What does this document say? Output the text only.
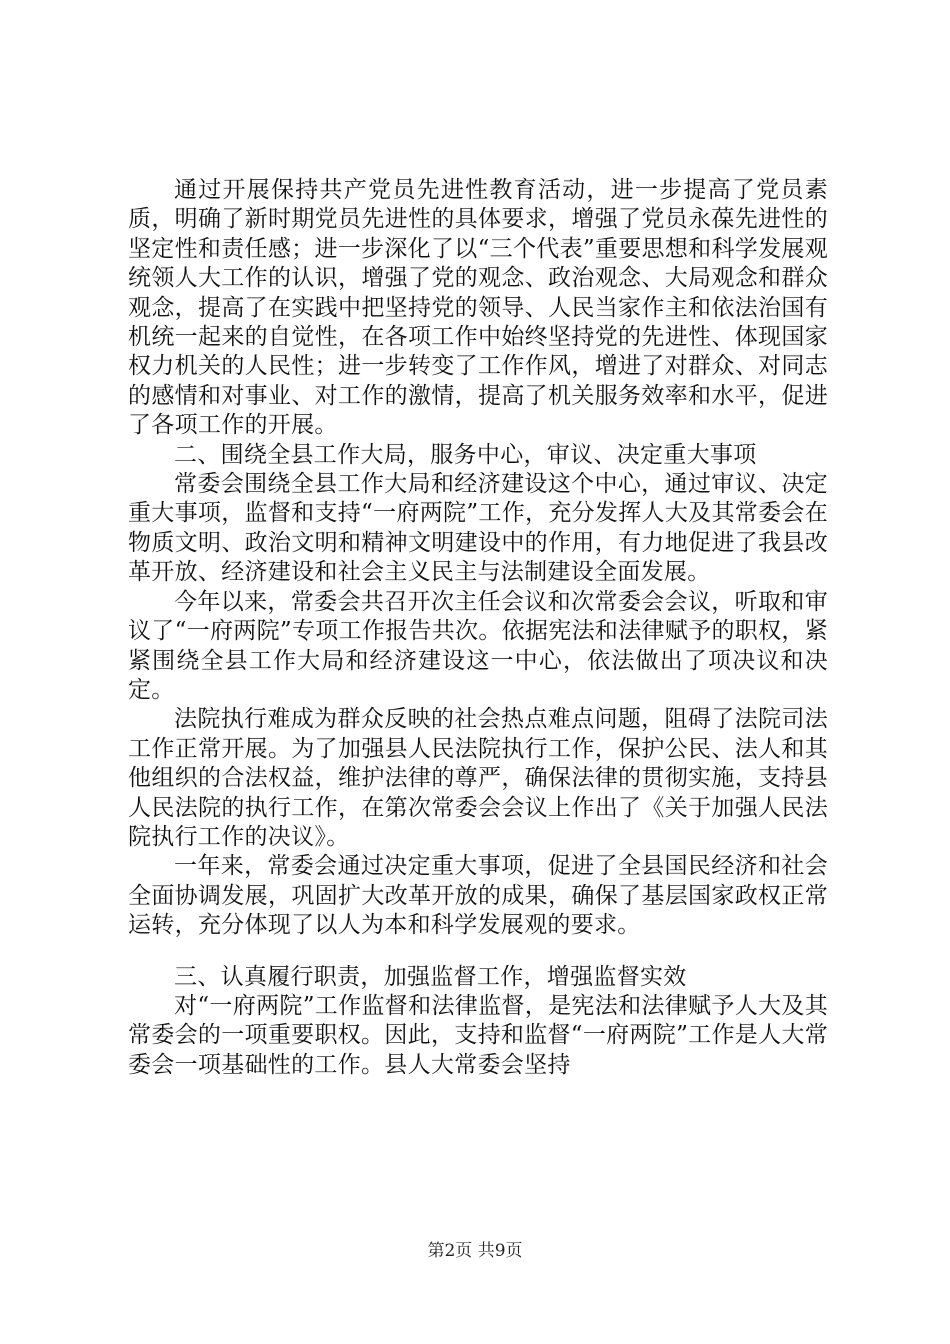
通过开展保持共产党员先进性教育活动，进一步提高了党员素质，明确了新时期党员先进性的具体要求，增强了党员永葆先进性的坚定性和责任感；进一步深化了以“三个代表”重要思想和科学发展观统领人大工作的认识，增强了党的观念、政治观念、大局观念和群众观念，提高了在实践中把坚持党的领导、人民当家作主和依法治国有机统一起来的自觉性，在各项工作中始终坚持党的先进性、体现国家权力机关的人民性；进一步转变了工作作风，增进了对群众、对同志的感情和对事业、对工作的激情，提高了机关服务效率和水平，促进了各项工作的开展。

二、围绕全县工作大局，服务中心，审议、决定重大事项

常委会围绕全县工作大局和经济建设这个中心，通过审议、决定重大事项，监督和支持“一府两院”工作，充分发挥人大及其常委会在物质文明、政治文明和精神文明建设中的作用，有力地促进了我县改革开放、经济建设和社会主义民主与法制建设全面发展。

今年以来，常委会共召开次主任会议和次常委会会议，听取和审议了“一府两院”专项工作报告共次。依据宪法和法律赋予的职权，紧紧围绕全县工作大局和经济建设这一中心，依法做出了项决议和决定。

法院执行难成为群众反映的社会热点难点问题，阻碍了法院司法工作正常开展。为了加强县人民法院执行工作，保护公民、法人和其他组织的合法权益，维护法律的尊严，确保法律的贯彻实施，支持县人民法院的执行工作，在第次常委会会议上作出了《关于加强人民法院执行工作的决议》。

一年来，常委会通过决定重大事项，促进了全县国民经济和社会全面协调发展，巩固扩大改革开放的成果，确保了基层国家政权正常运转，充分体现了以人为本和科学发展观的要求。

三、认真履行职责，加强监督工作，增强监督实效

对“一府两院”工作监督和法律监督，是宪法和法律赋予人大及其常委会的一项重要职权。因此，支持和监督“一府两院”工作是人大常委会一项基础性的工作。县人大常委会坚持

第2页 共9页
